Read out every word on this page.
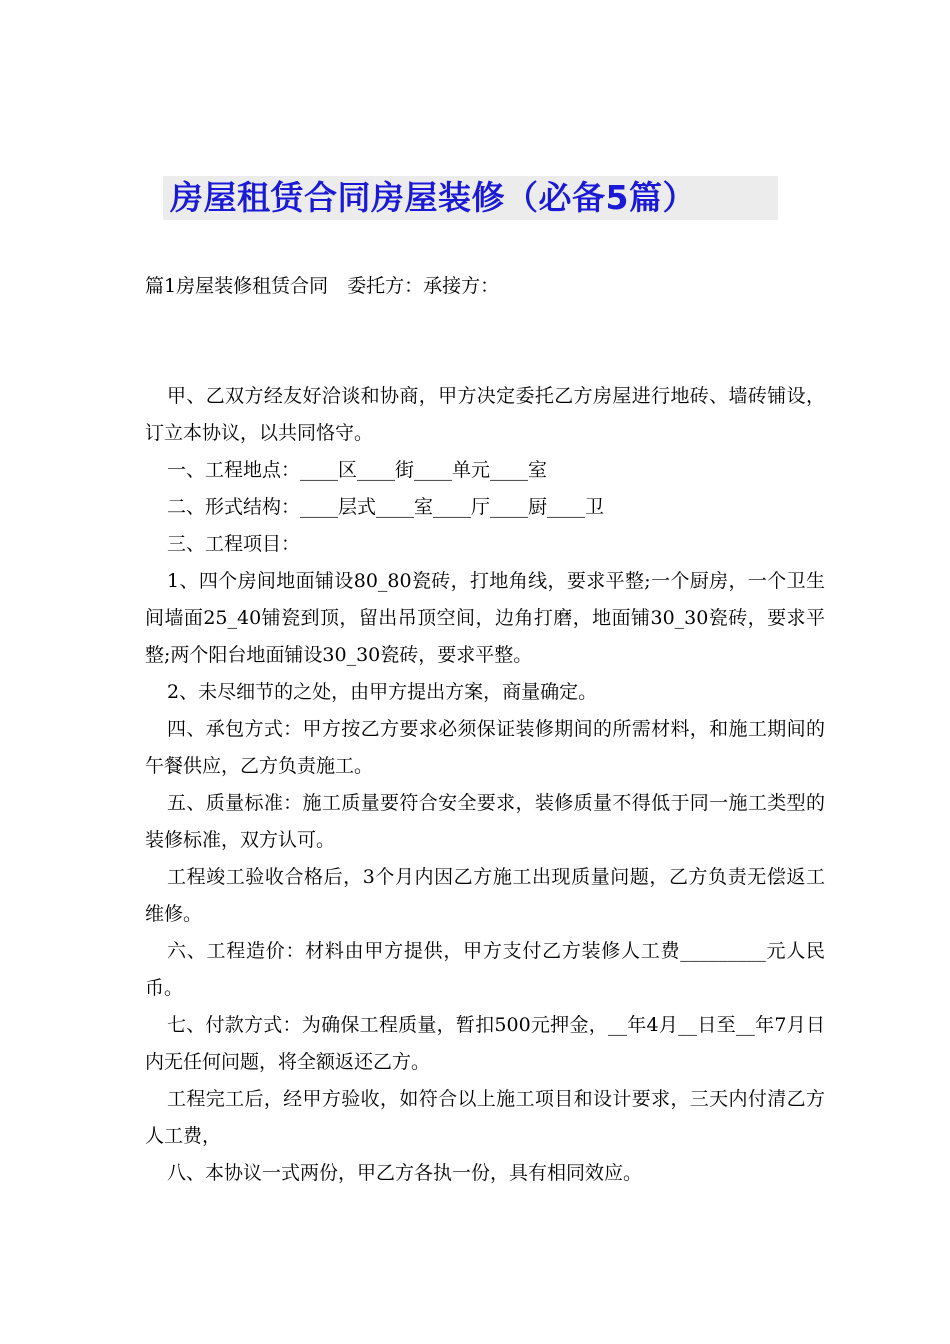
房屋租赁合同房屋装修（必备5篇）
篇1房屋装修租赁合同　委托方：承接方：

甲、乙双方经友好洽谈和协商，甲方决定委托乙方房屋进行地砖、墙砖铺设，订立本协议，以共同恪守。

一、工程地点：____区____街____单元____室

二、形式结构：____层式____室____厅____厨____卫

三、工程项目：

1、四个房间地面铺设80_80瓷砖，打地角线，要求平整;一个厨房，一个卫生间墙面25_40铺瓷到顶，留出吊顶空间，边角打磨，地面铺30_30瓷砖，要求平整;两个阳台地面铺设30_30瓷砖，要求平整。

2、未尽细节的之处，由甲方提出方案，商量确定。

四、承包方式：甲方按乙方要求必须保证装修期间的所需材料，和施工期间的午餐供应，乙方负责施工。

五、质量标准：施工质量要符合安全要求，装修质量不得低于同一施工类型的装修标准，双方认可。

工程竣工验收合格后，3个月内因乙方施工出现质量问题，乙方负责无偿返工维修。

六、工程造价：材料由甲方提供，甲方支付乙方装修人工费_________元人民币。

七、付款方式：为确保工程质量，暂扣500元押金，__年4月__日至__年7月日内无任何问题，将全额返还乙方。

工程完工后，经甲方验收，如符合以上施工项目和设计要求，三天内付清乙方人工费，

八、本协议一式两份，甲乙方各执一份，具有相同效应。
